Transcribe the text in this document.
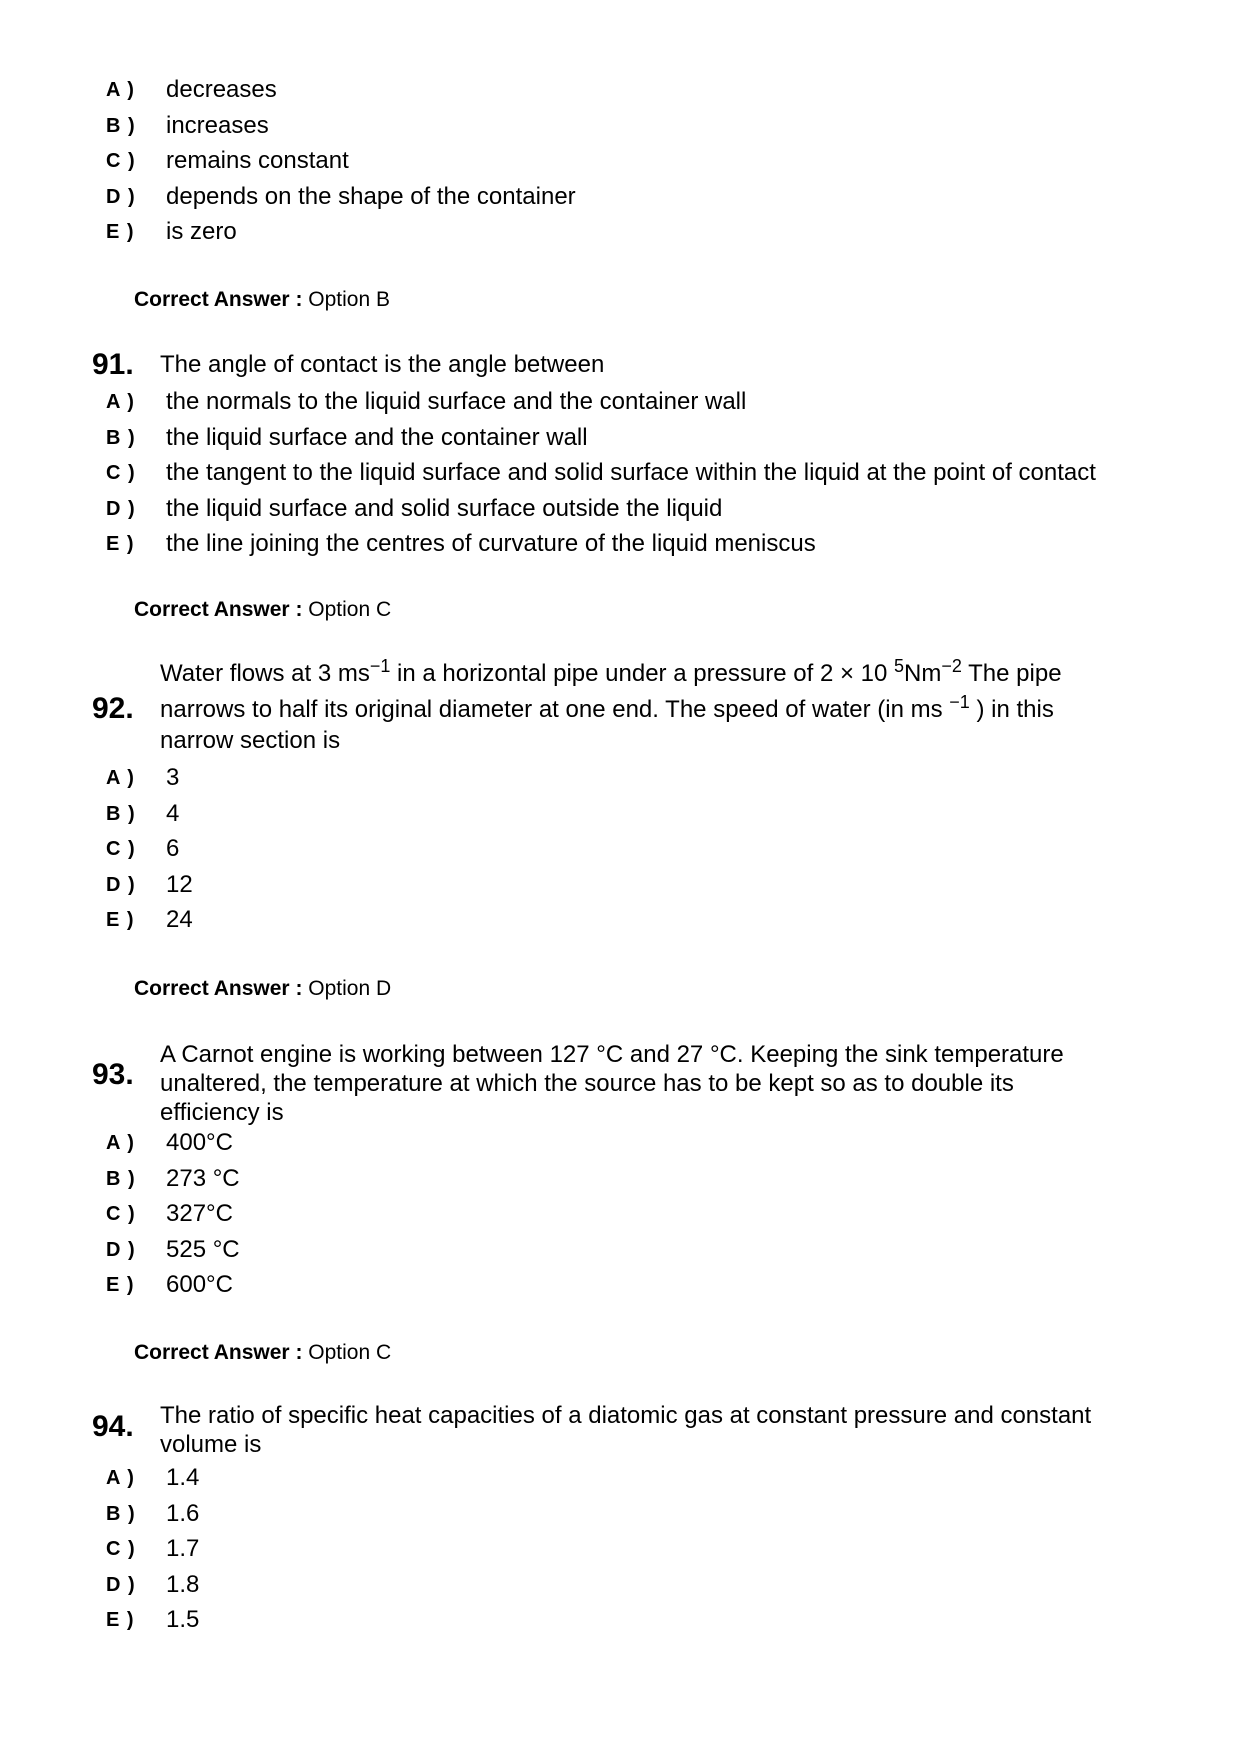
A )	decreases
B )	increases
C )	remains constant
D )	depends on the shape of the container
E )	is zero
Correct Answer : Option B
91. The angle of contact is the angle between
A )	the normals to the liquid surface and the container wall
B )	the liquid surface and the container wall
C )	the tangent to the liquid surface and solid surface within the liquid at the point of contact
D )	the liquid surface and solid surface outside the liquid
E )	the line joining the centres of curvature of the liquid meniscus
Correct Answer : Option C
92.
Water flows at 3 $ms^{-1}$ in a horizontal pipe under a pressure of 2 × 10 $^5Nm^{-2}$ The pipe
narrows to half its original diameter at one end. The speed of water (in ms $^{-1}$ ) in this
narrow section is
A )	3
B )	4
C )	6
D )	12
E )	24
Correct Answer : Option D
93.
A Carnot engine is working between 127 °C and 27 °C. Keeping the sink temperature
unaltered, the temperature at which the source has to be kept so as to double its
efficiency is
A )	400°C
B )	273 °C
C )	327°C
D )	525 °C
E )	600°C
Correct Answer : Option C
94. The ratio of specific heat capacities of a diatomic gas at constant pressure and constant
volume is
A )	1.4
B )	1.6
C )	1.7
D )	1.8
E )	1.5
